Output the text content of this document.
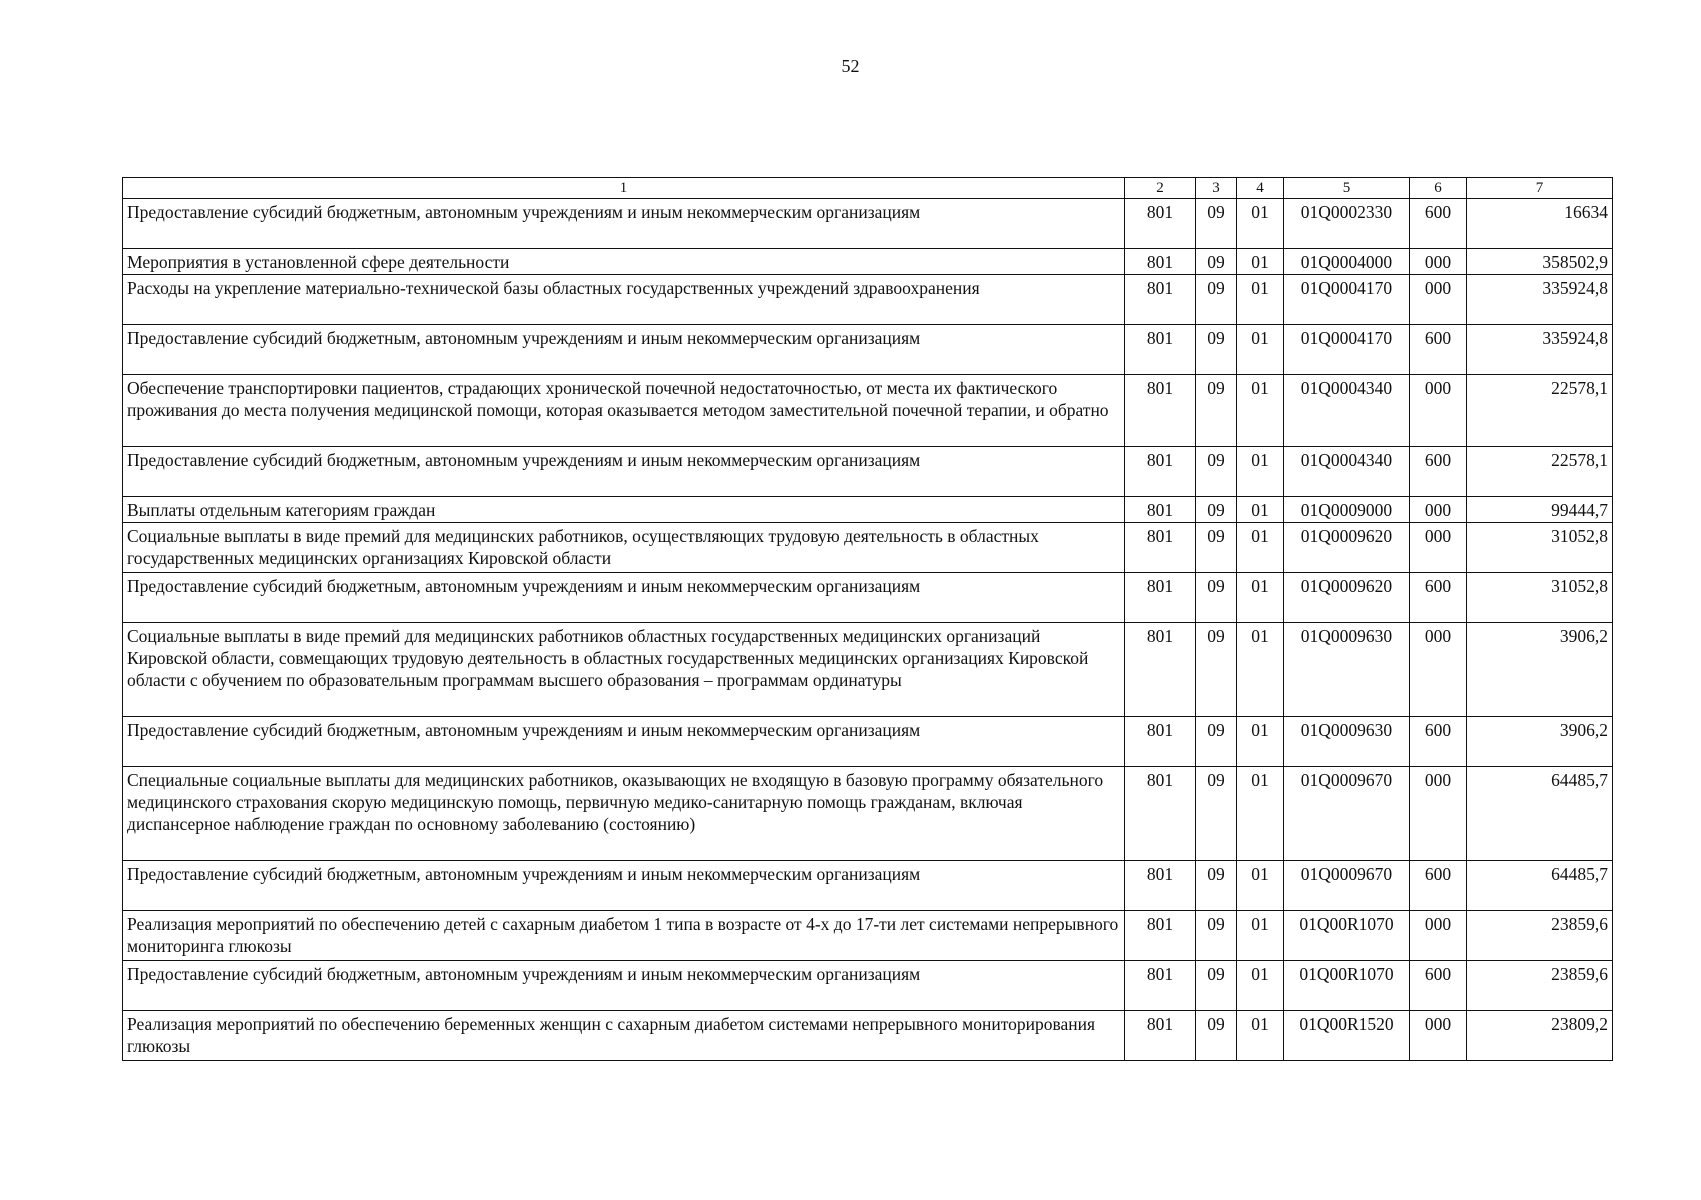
52
1	2	3	4	5	6	7
Предоставление субсидий бюджетным, автономным учреждениям и иным некоммерческим организациям	801	09	01	01Q0002330	600	16634
Мероприятия в установленной сфере деятельности	801	09	01	01Q0004000	000	358502,9
Расходы на укрепление материально-технической базы областных государственных учреждений здравоохранения	801	09	01	01Q0004170	000	335924,8
Предоставление субсидий бюджетным, автономным учреждениям и иным некоммерческим организациям	801	09	01	01Q0004170	600	335924,8
Обеспечение транспортировки пациентов, страдающих хронической почечной недостаточностью, от места их фактического проживания до места получения медицинской помощи, которая оказывается методом заместительной почечной терапии, и обратно	801	09	01	01Q0004340	000	22578,1
Предоставление субсидий бюджетным, автономным учреждениям и иным некоммерческим организациям	801	09	01	01Q0004340	600	22578,1
Выплаты отдельным категориям граждан	801	09	01	01Q0009000	000	99444,7
Социальные выплаты в виде премий для медицинских работников, осуществляющих трудовую деятельность в областных государственных медицинских организациях Кировской области	801	09	01	01Q0009620	000	31052,8
Предоставление субсидий бюджетным, автономным учреждениям и иным некоммерческим организациям	801	09	01	01Q0009620	600	31052,8
Социальные выплаты в виде премий для медицинских работников областных государственных медицинских организаций Кировской области, совмещающих трудовую деятельность в областных государственных медицинских организациях Кировской области с обучением по образовательным программам высшего образования – программам ординатуры	801	09	01	01Q0009630	000	3906,2
Предоставление субсидий бюджетным, автономным учреждениям и иным некоммерческим организациям	801	09	01	01Q0009630	600	3906,2
Специальные социальные выплаты для медицинских работников, оказывающих не входящую в базовую программу обязательного медицинского страхования скорую медицинскую помощь, первичную медико-санитарную помощь гражданам, включая диспансерное наблюдение граждан по основному заболеванию (состоянию)	801	09	01	01Q0009670	000	64485,7
Предоставление субсидий бюджетным, автономным учреждениям и иным некоммерческим организациям	801	09	01	01Q0009670	600	64485,7
Реализация мероприятий по обеспечению детей с сахарным диабетом 1 типа в возрасте от 4-х до 17-ти лет системами непрерывного мониторинга глюкозы	801	09	01	01Q00R1070	000	23859,6
Предоставление субсидий бюджетным, автономным учреждениям и иным некоммерческим организациям	801	09	01	01Q00R1070	600	23859,6
Реализация мероприятий по обеспечению беременных женщин с сахарным диабетом системами непрерывного мониторирования глюкозы	801	09	01	01Q00R1520	000	23809,2
